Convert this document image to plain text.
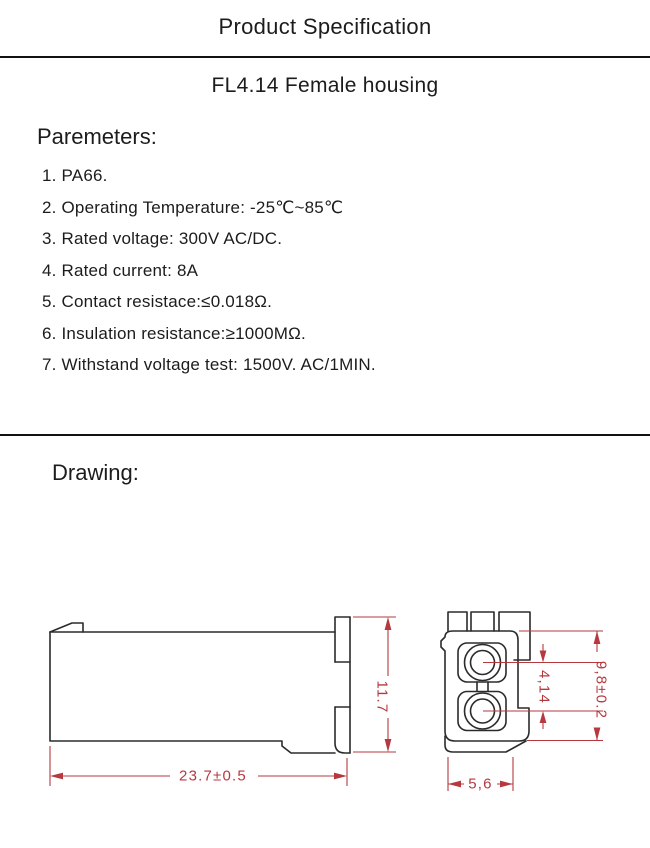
Product Specification
FL4.14 Female housing
Paremeters:
1. PA66.
2. Operating Temperature: -25℃~85℃
3. Rated voltage: 300V AC/DC.
4. Rated current: 8A
5. Contact resistace:≤0.018Ω.
6. Insulation resistance:≥1000MΩ.
7. Withstand voltage test: 1500V. AC/1MIN.
Drawing:
23.7±0.5
11.7	4,14	9,8±0.2
5,6
